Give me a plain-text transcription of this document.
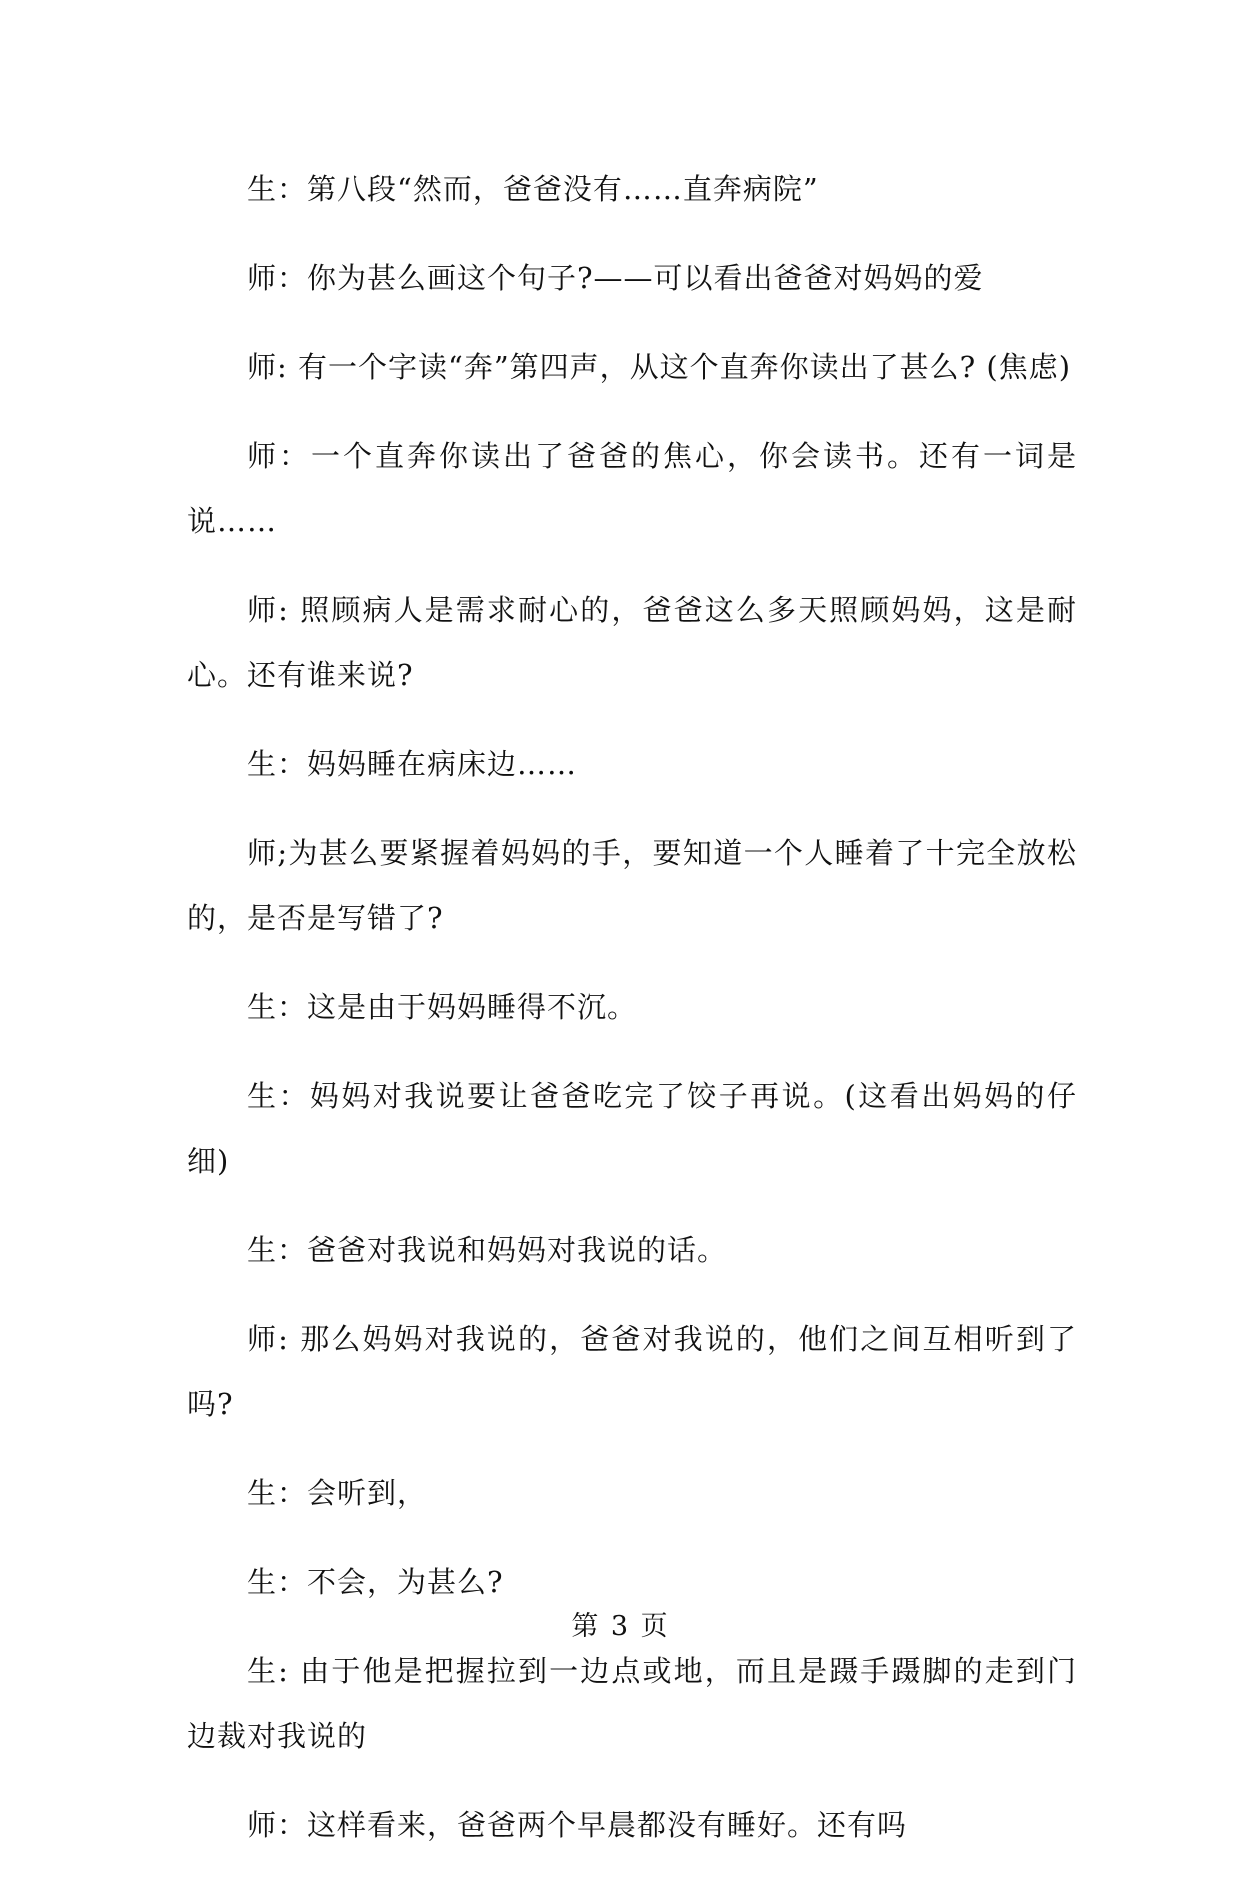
生：第八段“然而，爸爸没有……直奔病院”

师：你为甚么画这个句子?——可以看出爸爸对妈妈的爱

师: 有一个字读“奔”第四声，从这个直奔你读出了甚么? (焦虑)

师：一个直奔你读出了爸爸的焦心，你会读书。还有一词是说……

师: 照顾病人是需求耐心的，爸爸这么多天照顾妈妈，这是耐心。还有谁来说?

生：妈妈睡在病床边……

师;为甚么要紧握着妈妈的手，要知道一个人睡着了十完全放松的，是否是写错了?

生：这是由于妈妈睡得不沉。

生：妈妈对我说要让爸爸吃完了饺子再说。(这看出妈妈的仔细)

生：爸爸对我说和妈妈对我说的话。

师: 那么妈妈对我说的，爸爸对我说的，他们之间互相听到了吗?

生：会听到，

生：不会，为甚么?

生: 由于他是把握拉到一边点或地，而且是蹑手蹑脚的走到门边裁对我说的

师：这样看来，爸爸两个早晨都没有睡好。还有吗

第 3 页
